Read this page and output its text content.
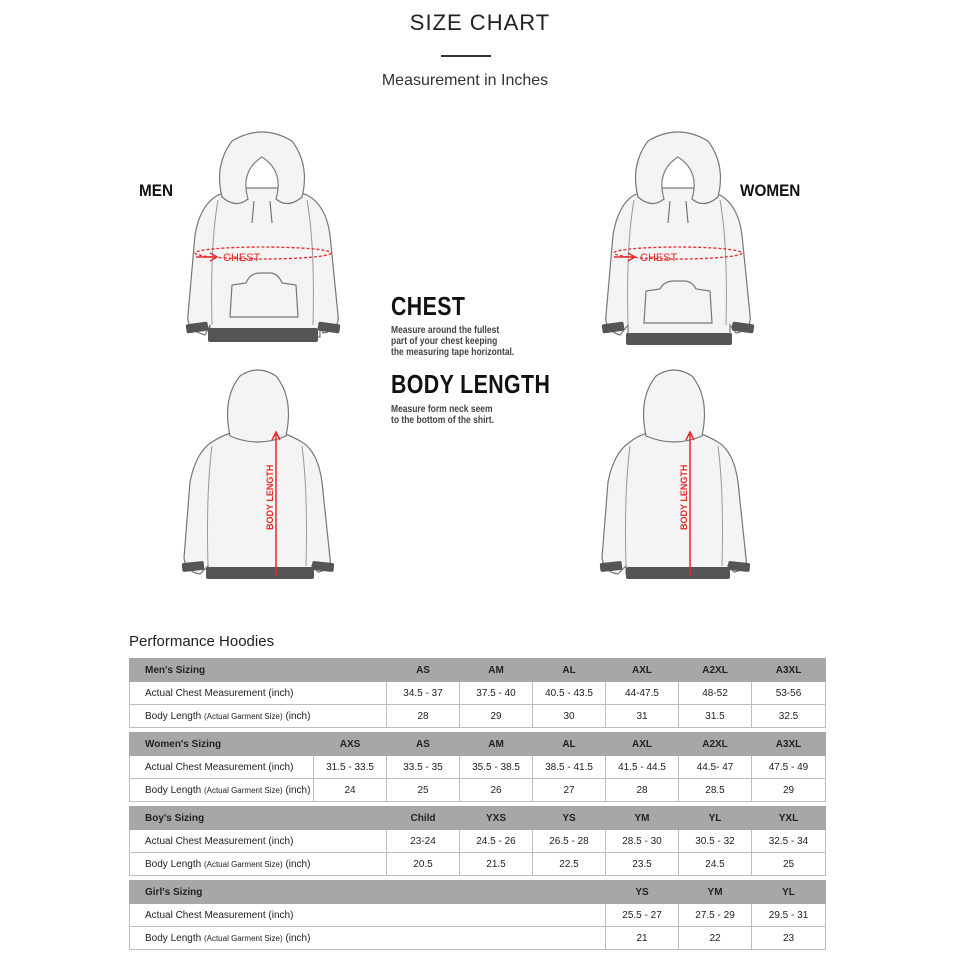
SIZE CHART
Measurement in Inches
MEN	WOMEN
CHEST	CHEST
BODY LENGTH	BODY LENGTH
CHEST
Measure around the fullest
part of your chest keeping
the measuring tape horizontal.
BODY LENGTH
Measure form neck seem
to the bottom of the shirt.
Performance Hoodies
Men's Sizing	AS	AM	AL	AXL	A2XL	A3XL
Actual Chest Measurement (inch)	34.5 - 37	37.5 - 40	40.5 - 43.5	44-47.5	48-52	53-56
Body Length (Actual Garment Size) (inch)	28	29	30	31	31.5	32.5
Women's Sizing	AXS	AS	AM	AL	AXL	A2XL	A3XL
Actual Chest Measurement (inch)	31.5 - 33.5	33.5 - 35	35.5 - 38.5	38.5 - 41.5	41.5 - 44.5	44.5- 47	47.5 - 49
Body Length (Actual Garment Size) (inch)	24	25	26	27	28	28.5	29
Boy's Sizing	Child	YXS	YS	YM	YL	YXL
Actual Chest Measurement (inch)	23-24	24.5 - 26	26.5 - 28	28.5 - 30	30.5 - 32	32.5 - 34
Body Length (Actual Garment Size) (inch)	20.5	21.5	22.5	23.5	24.5	25
Girl's Sizing	YS	YM	YL
Actual Chest Measurement (inch)	25.5 - 27	27.5 - 29	29.5 - 31
Body Length (Actual Garment Size) (inch)	21	22	23
